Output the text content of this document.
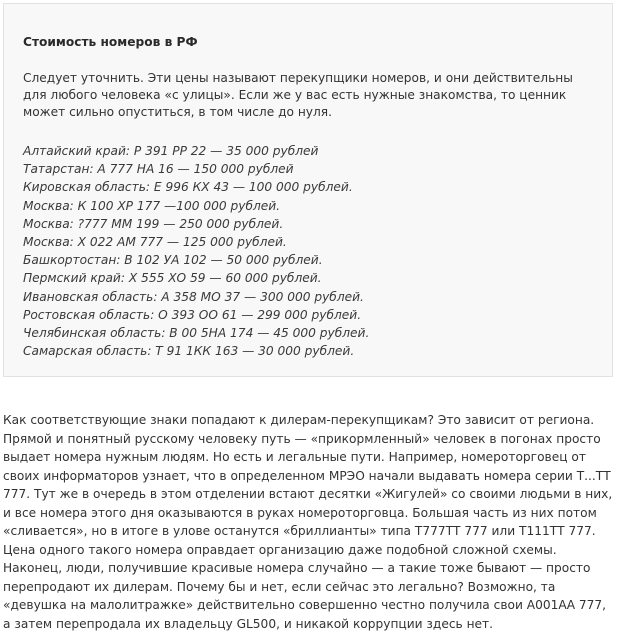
Стоимость номеров в РФ

Следует уточнить. Эти цены называют перекупщики номеров, и они действительны для любого человека «с улицы». Если же у вас есть нужные знакомства, то ценник может сильно опуститься, в том числе до нуля.

Алтайский край: Р 391 РР 22 — 35 000 рублей
Татарстан: А 777 НА 16 — 150 000 рублей
Кировская область: Е 996 КХ 43 — 100 000 рублей.
Москва: К 100 ХР 177 —100 000 рублей.
Москва: ?777 ММ 199 — 250 000 рублей.
Москва: Х 022 АМ 777 — 125 000 рублей.
Башкортостан: В 102 УА 102 — 50 000 рублей.
Пермский край: Х 555 ХО 59 — 60 000 рублей.
Ивановская область: А 358 МО 37 — 300 000 рублей.
Ростовская область: О 393 ОО 61 — 299 000 рублей.
Челябинская область: В 00 5НА 174 — 45 000 рублей.
Самарская область: Т 91 1КК 163 — 30 000 рублей.

Как соответствующие знаки попадают к дилерам-перекупщикам? Это зависит от региона. Прямой и понятный русскому человеку путь — «прикормленный» человек в погонах просто выдает номера нужным людям. Но есть и легальные пути. Например, номероторговец от своих информаторов узнает, что в определенном МРЭО начали выдавать номера серии Т...ТТ 777. Тут же в очередь в этом отделении встают десятки «Жигулей» со своими людьми в них, и все номера этого дня оказываются в руках номероторговца. Большая часть из них потом «сливается», но в итоге в улове останутся «бриллианты» типа Т777ТТ 777 или Т111ТТ 777. Цена одного такого номера оправдает организацию даже подобной сложной схемы. Наконец, люди, получившие красивые номера случайно — а такие тоже бывают — просто перепродают их дилерам. Почему бы и нет, если сейчас это легально? Возможно, та «девушка на малолитражке» действительно совершенно честно получила свои А001АА 777, а затем перепродала их владельцу GL500, и никакой коррупции здесь нет.
